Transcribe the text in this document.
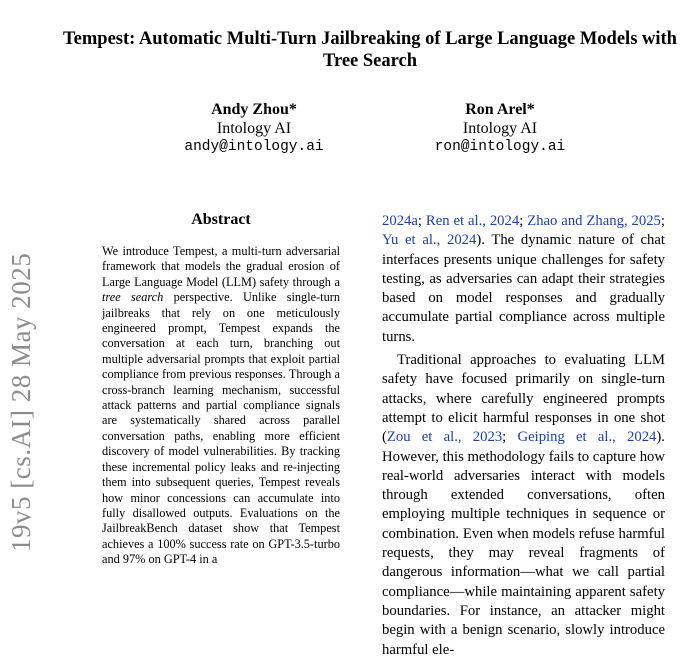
Tempest: Automatic Multi-Turn Jailbreaking of Large Language Models with Tree Search
Andy Zhou*
Intology AI
andy@intology.ai
Ron Arel*
Intology AI
ron@intology.ai
Abstract

We introduce Tempest, a multi-turn adversarial framework that models the gradual erosion of Large Language Model (LLM) safety through a tree search perspective. Unlike single-turn jailbreaks that rely on one meticulously engineered prompt, Tempest expands the conversation at each turn, branching out multiple adversarial prompts that exploit partial compliance from previous responses. Through a cross-branch learning mechanism, successful attack patterns and partial compliance signals are systematically shared across parallel conversation paths, enabling more efficient discovery of model vulnerabilities. By tracking these incremental policy leaks and re-injecting them into subsequent queries, Tempest reveals how minor concessions can accumulate into fully disallowed outputs. Evaluations on the JailbreakBench dataset show that Tempest achieves a 100% success rate on GPT-3.5-turbo and 97% on GPT-4 in a

2024a; Ren et al., 2024; Zhao and Zhang, 2025; Yu et al., 2024). The dynamic nature of chat interfaces presents unique challenges for safety testing, as adversaries can adapt their strategies based on model responses and gradually accumulate partial compliance across multiple turns.

Traditional approaches to evaluating LLM safety have focused primarily on single-turn attacks, where carefully engineered prompts attempt to elicit harmful responses in one shot (Zou et al., 2023; Geiping et al., 2024). However, this methodology fails to capture how real-world adversaries interact with models through extended conversations, often employing multiple techniques in sequence or combination. Even when models refuse harmful requests, they may reveal fragments of dangerous information—what we call partial compliance—while maintaining apparent safety boundaries. For instance, an attacker might begin with a benign scenario, slowly introduce harmful ele-

19v5 [cs.AI] 28 May 2025
